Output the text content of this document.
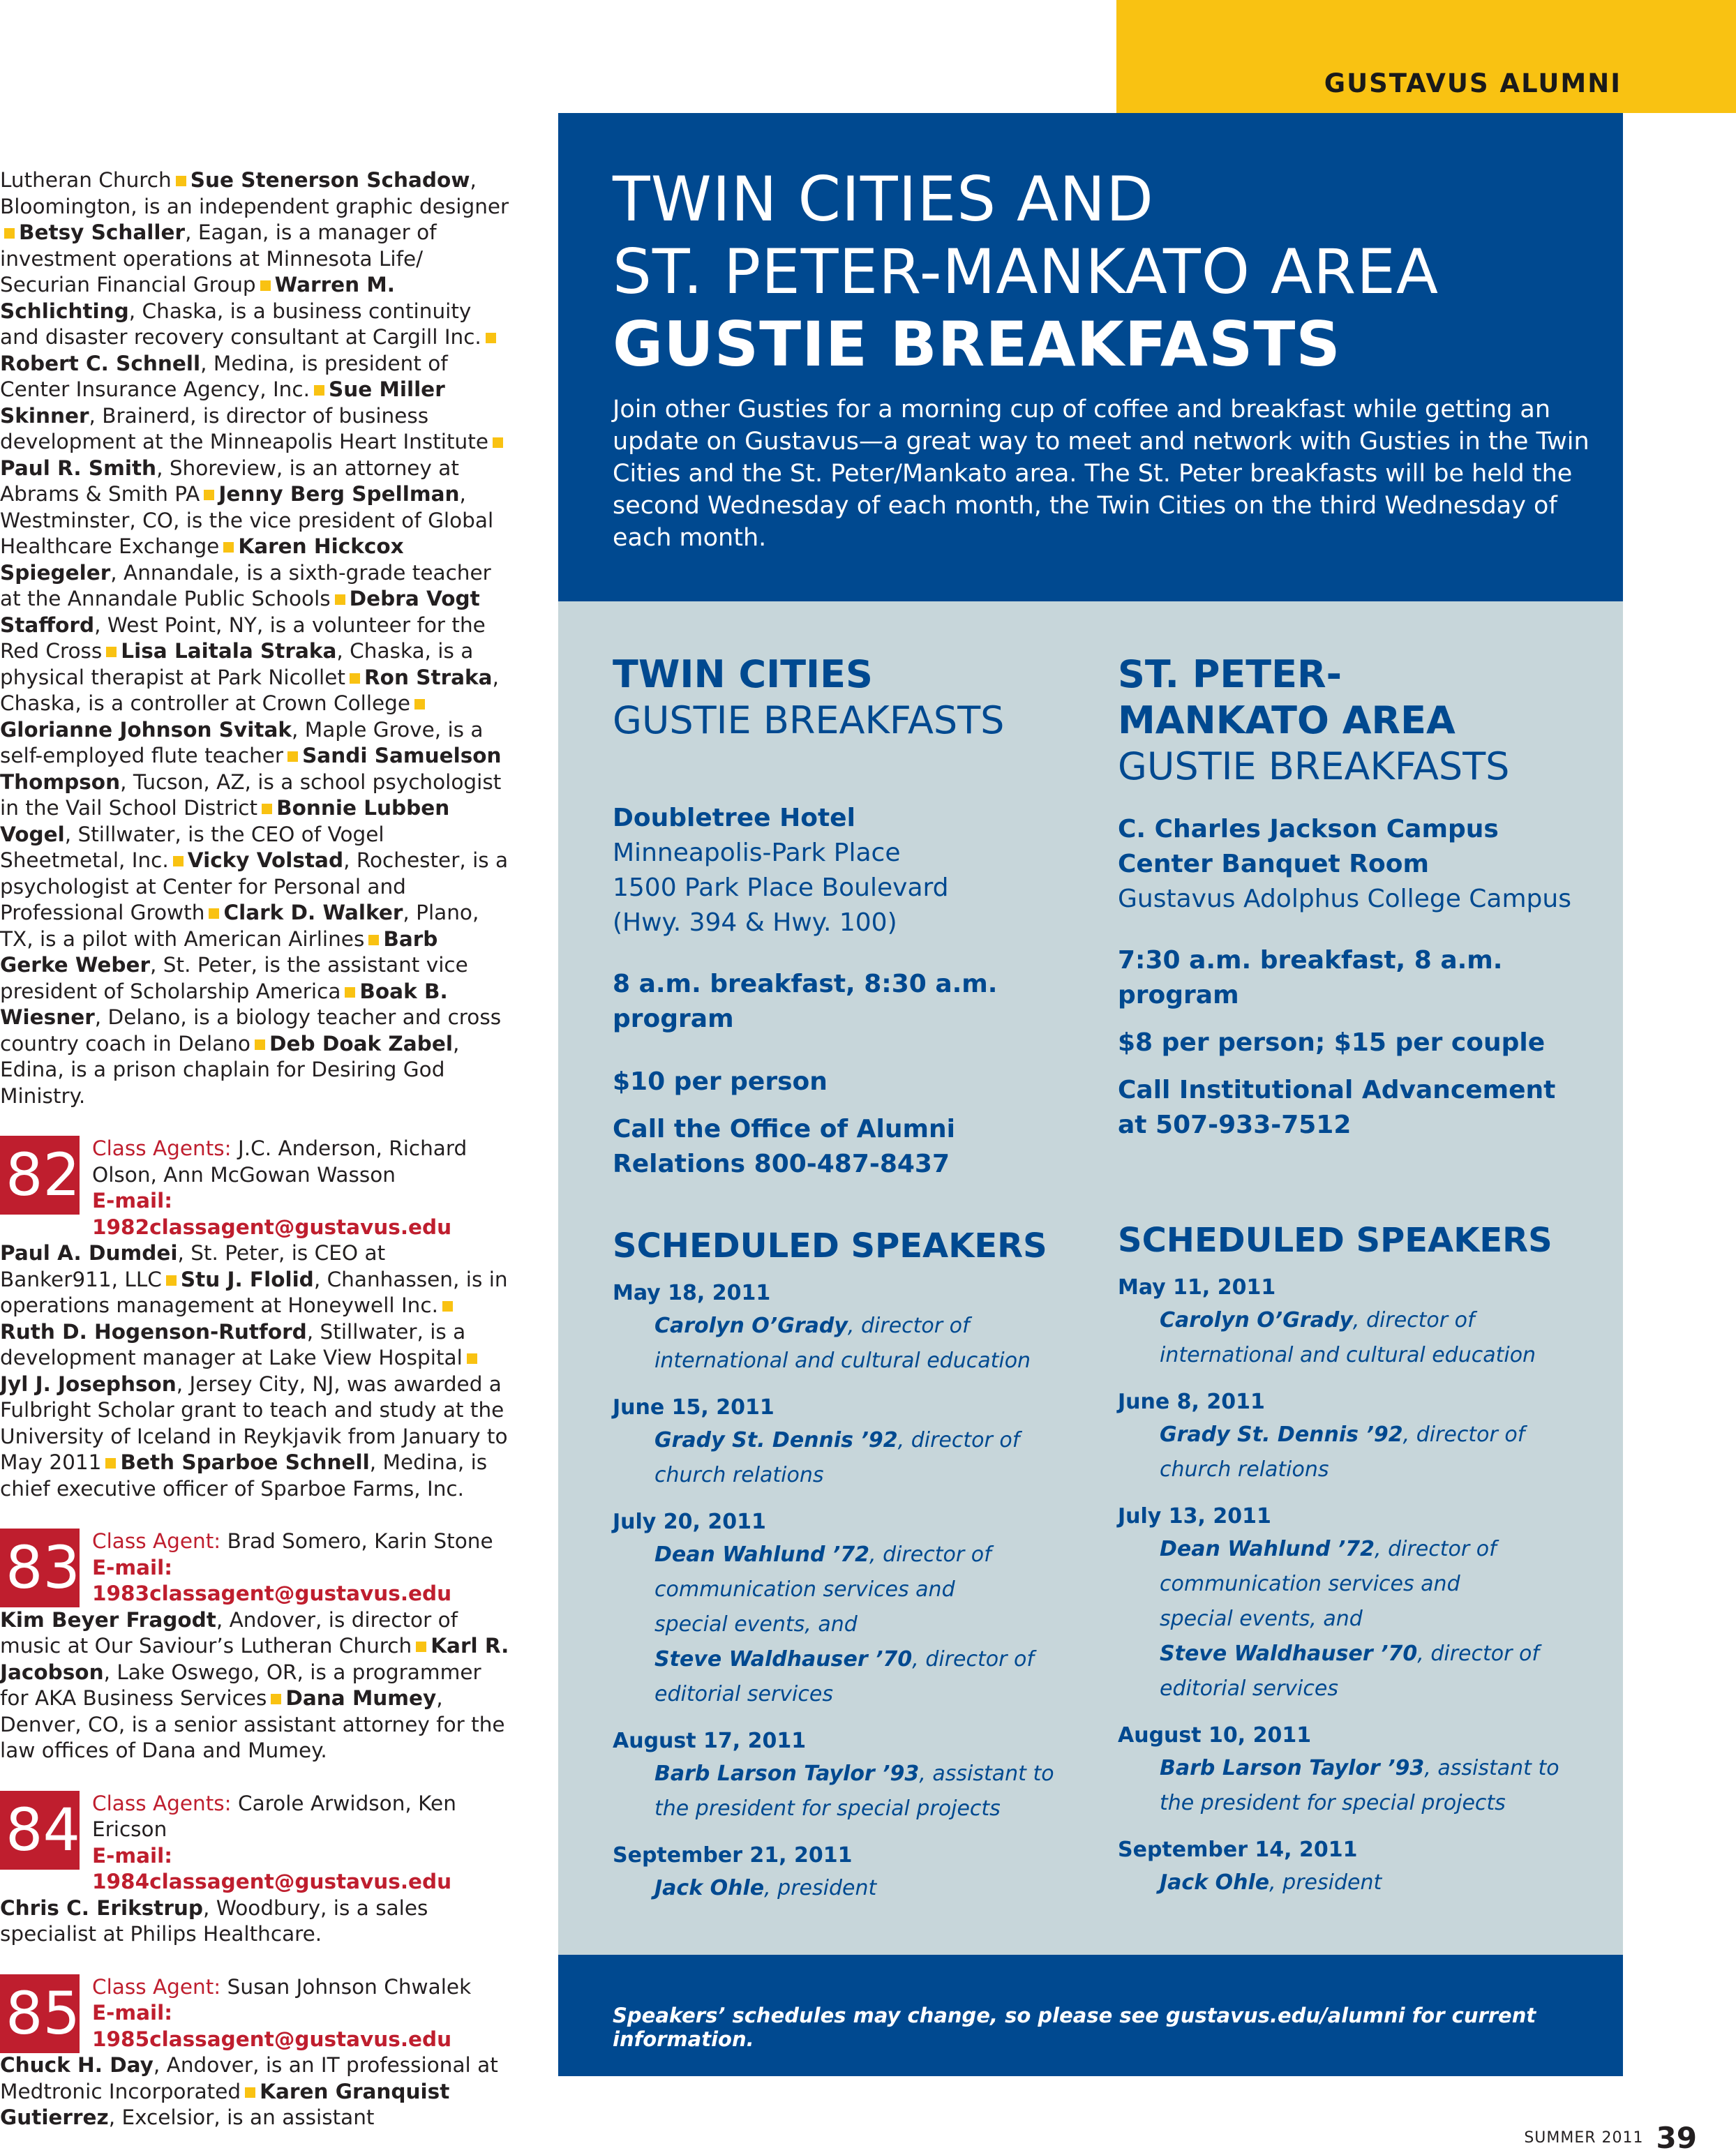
GUSTAVUS ALUMNI

Lutheran Church Sue Stenerson Schadow, Bloomington, is an independent graphic designerBetsy Schaller, Eagan, is a manager of investment operations at Minnesota Life/ Securian Financial Group Warren M. Schlichting, Chaska, is a business continuity and disaster recovery consultant at Cargill Inc.Robert C. Schnell, Medina, is president of Center Insurance Agency, Inc. Sue Miller Skinner, Brainerd, is director of business development at the Minneapolis Heart InstitutePaul R. Smith, Shoreview, is an attorney at Abrams & Smith PA Jenny Berg Spellman, Westminster, CO, is the vice president of Global Healthcare Exchange Karen Hickcox Spiegeler, Annandale, is a sixth-grade teacher at the Annandale Public Schools Debra Vogt Stafford, West Point, NY, is a volunteer for the Red Cross Lisa Laitala Straka, Chaska, is a physical therapist at Park Nicollet Ron Straka, Chaska, is a controller at Crown CollegeGlorianne Johnson Svitak, Maple Grove, is a self-employed flute teacher Sandi Samuelson Thompson, Tucson, AZ, is a school psychologist in the Vail School District Bonnie Lubben Vogel, Stillwater, is the CEO of Vogel Sheetmetal, Inc. Vicky Volstad, Rochester, is a psychologist at Center for Personal and Professional Growth Clark D. Walker, Plano, TX, is a pilot with American Airlines Barb Gerke Weber, St. Peter, is the assistant vice president of Scholarship America Boak B. Wiesner, Delano, is a biology teacher and cross country coach in Delano Deb Doak Zabel, Edina, is a prison chaplain for Desiring God Ministry.

82 Class Agents: J.C. Anderson, Richard Olson, Ann McGowan Wasson
E-mail: 1982classagent@gustavus.edu

Paul A. Dumdei, St. Peter, is CEO at Banker911, LLC Stu J. Flolid, Chanhassen, is in operations management at Honeywell Inc.Ruth D. Hogenson-Rutford, Stillwater, is a development manager at Lake View HospitalJyl J. Josephson, Jersey City, NJ, was awarded a Fulbright Scholar grant to teach and study at the University of Iceland in Reykjavik from January to May 2011 Beth Sparboe Schnell, Medina, is chief executive officer of Sparboe Farms, Inc.

83 Class Agent: Brad Somero, Karin Stone
E-mail: 1983classagent@gustavus.edu

Kim Beyer Fragodt, Andover, is director of music at Our Saviour’s Lutheran Church Karl R. Jacobson, Lake Oswego, OR, is a programmer for AKA Business Services Dana Mumey, Denver, CO, is a senior assistant attorney for the law offices of Dana and Mumey.

84 Class Agents: Carole Arwidson, Ken Ericson
E-mail: 1984classagent@gustavus.edu

Chris C. Erikstrup, Woodbury, is a sales specialist at Philips Healthcare.

85 Class Agent: Susan Johnson Chwalek
E-mail: 1985classagent@gustavus.edu

Chuck H. Day, Andover, is an IT professional at Medtronic Incorporated Karen Granquist Gutierrez, Excelsior, is an assistant

TWIN CITIES AND
ST. PETER-MANKATO AREA
GUSTIE BREAKFASTS
Join other Gusties for a morning cup of coffee and breakfast while getting an update on Gustavus—a great way to meet and network with Gusties in the Twin Cities and the St. Peter/Mankato area. The St. Peter breakfasts will be held the second Wednesday of each month, the Twin Cities on the third Wednesday of each month.
TWIN CITIES
GUSTIE BREAKFASTS
Doubletree Hotel
Minneapolis-Park Place
1500 Park Place Boulevard
(Hwy. 394 & Hwy. 100)
8 a.m. breakfast, 8:30 a.m. program
$10 per person
Call the Office of Alumni
Relations 800-487-8437
SCHEDULED SPEAKERS
May 18, 2011
Carolyn O’Grady, director of
international and cultural education
June 15, 2011
Grady St. Dennis ’92, director of
church relations
July 20, 2011
Dean Wahlund ’72, director of
communication services and
special events, and
Steve Waldhauser ’70, director of
editorial services
August 17, 2011
Barb Larson Taylor ’93, assistant to
the president for special projects
September 21, 2011
Jack Ohle, president
ST. PETER-
MANKATO AREA
GUSTIE BREAKFASTS
C. Charles Jackson Campus
Center Banquet Room
Gustavus Adolphus College Campus
7:30 a.m. breakfast, 8 a.m. program
$8 per person; $15 per couple
Call Institutional Advancement
at 507-933-7512
SCHEDULED SPEAKERS
May 11, 2011
Carolyn O’Grady, director of
international and cultural education
June 8, 2011
Grady St. Dennis ’92, director of
church relations
July 13, 2011
Dean Wahlund ’72, director of
communication services and
special events, and
Steve Waldhauser ’70, director of
editorial services
August 10, 2011
Barb Larson Taylor ’93, assistant to
the president for special projects
September 14, 2011
Jack Ohle, president
Speakers’ schedules may change, so please see gustavus.edu/alumni for current information.
SUMMER 2011 39
